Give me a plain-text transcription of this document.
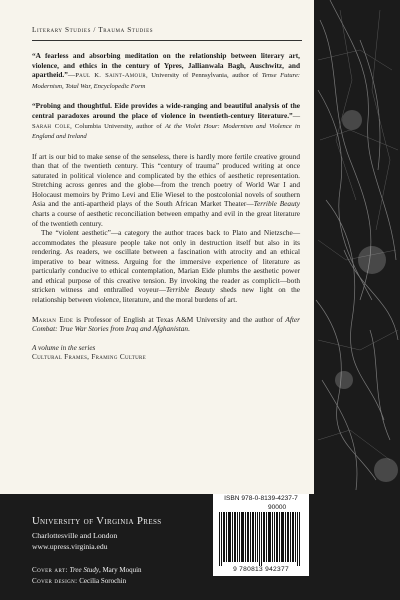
Literary Studies / Trauma Studies

“A fearless and absorbing meditation on the relationship between literary art, violence, and ethics in the century of Ypres, Jallianwala Bagh, Auschwitz, and apartheid.”—Paul K. Saint-Amour, University of Pennsylvania, author of Tense Future: Modernism, Total War, Encyclopedic Form

“Probing and thoughtful. Eide provides a wide-ranging and beautiful analysis of the central paradoxes around the place of violence in twentieth-century literature.”—Sarah Cole, Columbia University, author of At the Violet Hour: Modernism and Violence in England and Ireland

If art is our bid to make sense of the senseless, there is hardly more fertile creative ground than that of the twentieth century. This “century of trauma” produced writing at once saturated in political violence and complicated by the ethics of aesthetic representation. Stretching across genres and the globe—from the trench poetry of World War I and Holocaust memoirs by Primo Levi and Elie Wiesel to the postcolonial novels of southern Asia and the anti-apartheid plays of the South African Market Theater—Terrible Beauty charts a course of aesthetic reconciliation between empathy and evil in the great literature of the twentieth century.

The “violent aesthetic”—a category the author traces back to Plato and Nietzsche—accommodates the pleasure people take not only in destruction itself but also in its rendering. As readers, we oscillate between a fascination with atrocity and an ethical imperative to bear witness. Arguing for the immersive experience of literature as particularly conducive to ethical contemplation, Marian Eide plumbs the aesthetic power and ethical purpose of this creative tension. By invoking the reader as complicit—both stricken witness and enthralled voyeur—Terrible Beauty sheds new light on the relationship between violence, literature, and the moral burdens of art.

Marian Eide is Professor of English at Texas A&M University and the author of After Combat: True War Stories from Iraq and Afghanistan.

A volume in the series
Cultural Frames, Framing Culture

University of Virginia Press
Charlottesville and London
www.upress.virginia.edu
Cover art: Tree Study, Mary Moquin
Cover design: Cecilia Sorochin
ISBN 978-0-8139-4237-7
90000
9 780813 942377
